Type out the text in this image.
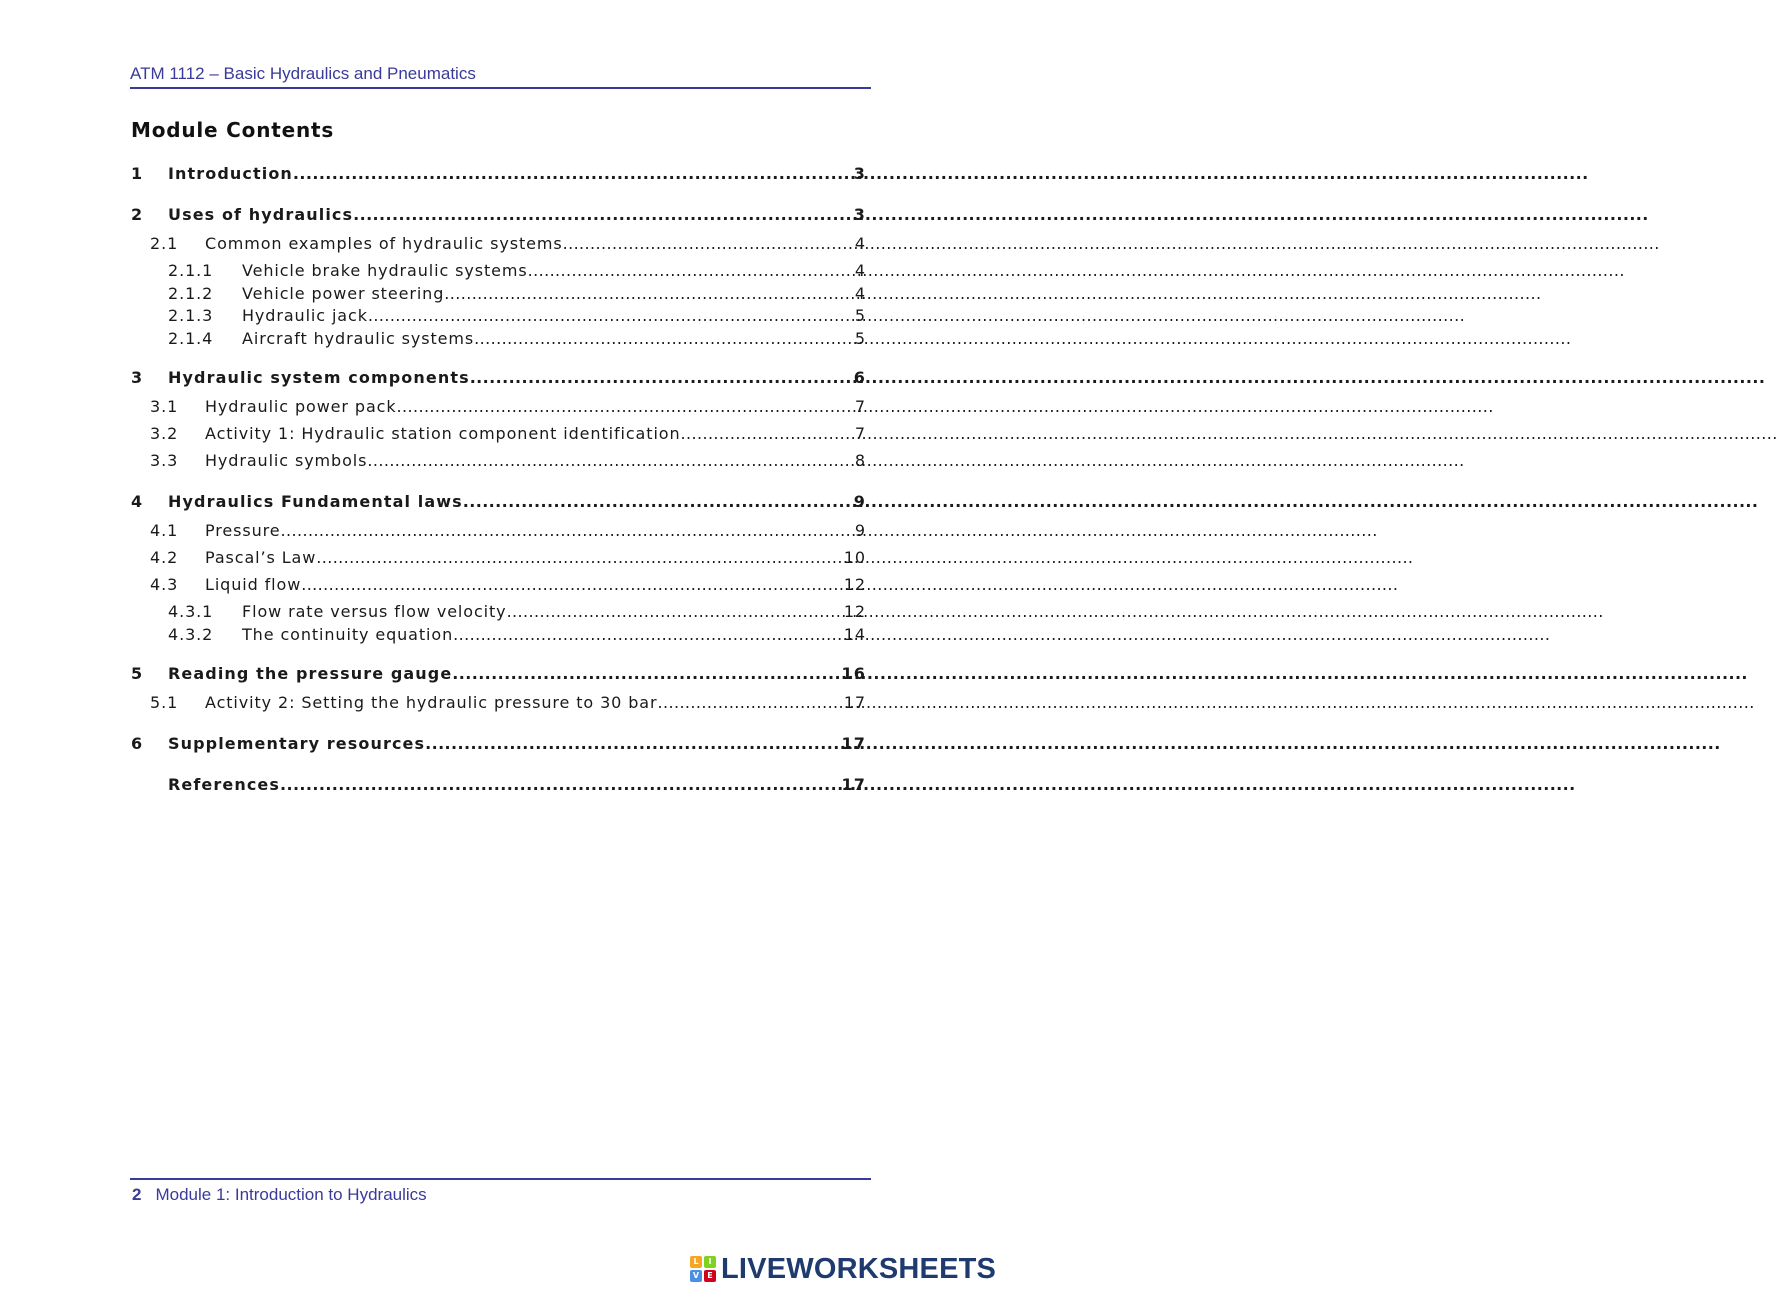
ATM 1112 – Basic Hydraulics and Pneumatics
Module Contents
1	Introduction .....	3
2	Uses of hydraulics .....	3
2.1	Common examples of hydraulic systems .....	4
2.1.1	Vehicle brake hydraulic systems .....	4
2.1.2	Vehicle power steering .....	4
2.1.3	Hydraulic jack .....	5
2.1.4	Aircraft hydraulic systems .....	5
3	Hydraulic system components .....	6
3.1	Hydraulic power pack .....	7
3.2	Activity 1: Hydraulic station component identification .....	7
3.3	Hydraulic symbols .....	8
4	Hydraulics Fundamental laws .....	9
4.1	Pressure .....	9
4.2	Pascal’s Law .....	10
4.3	Liquid flow .....	12
4.3.1	Flow rate versus flow velocity .....	12
4.3.2	The continuity equation .....	14
5	Reading the pressure gauge .....	16
5.1	Activity 2: Setting the hydraulic pressure to 30 bar .....	17
6	Supplementary resources .....	17
References .....	17
2 Module 1: Introduction to Hydraulics
L	I
V	E LIVEWORKSHEETS
